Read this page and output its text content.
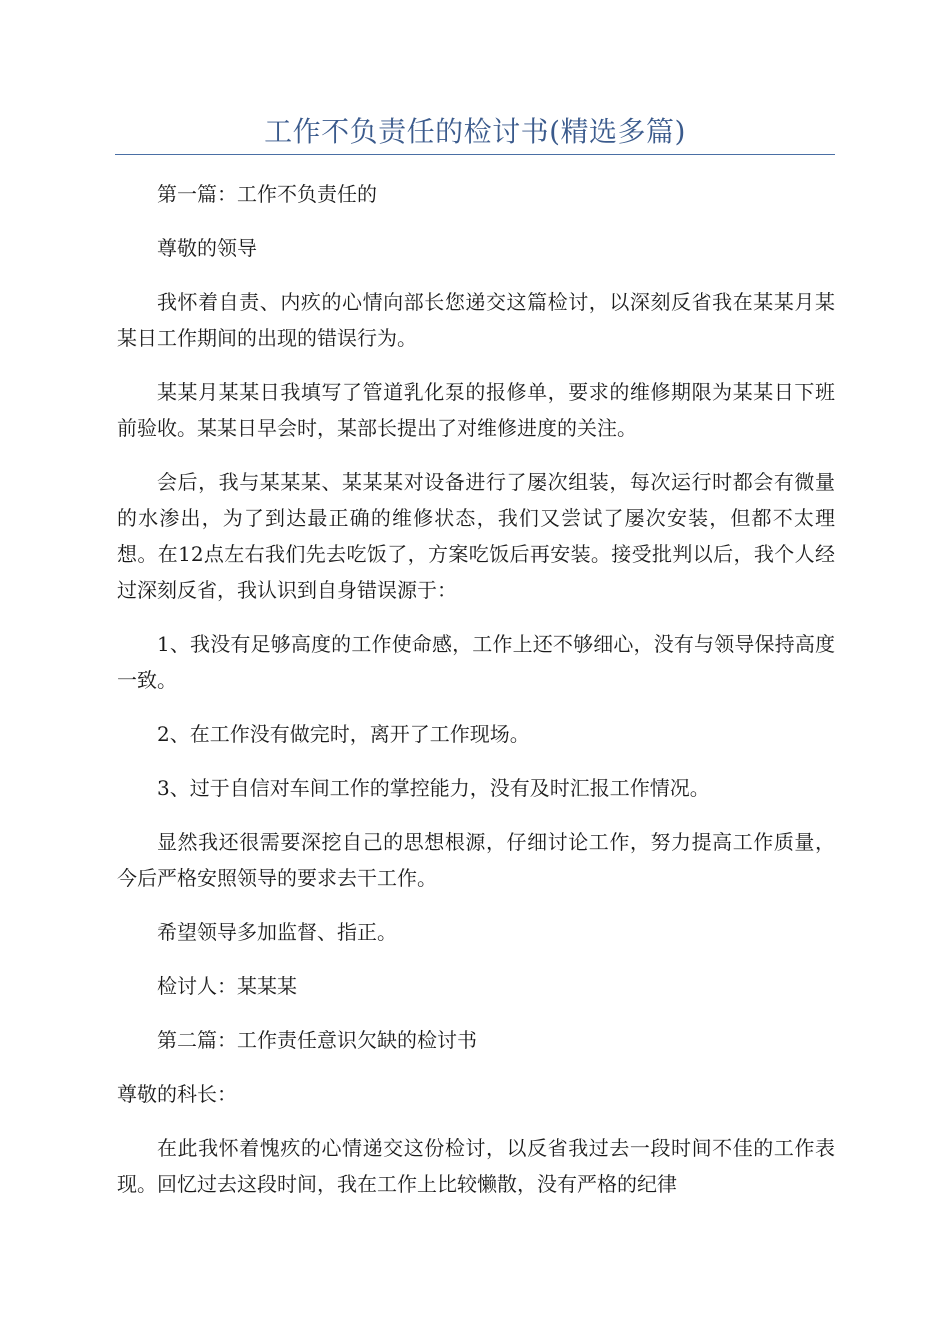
工作不负责任的检讨书(精选多篇)

第一篇：工作不负责任的

尊敬的领导

我怀着自责、内疚的心情向部长您递交这篇检讨，以深刻反省我在某某月某某日工作期间的出现的错误行为。

某某月某某日我填写了管道乳化泵的报修单，要求的维修期限为某某日下班前验收。某某日早会时，某部长提出了对维修进度的关注。

会后，我与某某某、某某某对设备进行了屡次组装，每次运行时都会有微量的水渗出，为了到达最正确的维修状态，我们又尝试了屡次安装，但都不太理想。在12点左右我们先去吃饭了，方案吃饭后再安装。接受批判以后，我个人经过深刻反省，我认识到自身错误源于：

1、我没有足够高度的工作使命感，工作上还不够细心，没有与领导保持高度一致。

2、在工作没有做完时，离开了工作现场。

3、过于自信对车间工作的掌控能力，没有及时汇报工作情况。

显然我还很需要深挖自己的思想根源，仔细讨论工作，努力提高工作质量，今后严格安照领导的要求去干工作。

希望领导多加监督、指正。

检讨人：某某某

第二篇：工作责任意识欠缺的检讨书

尊敬的科长：

在此我怀着愧疚的心情递交这份检讨，以反省我过去一段时间不佳的工作表现。回忆过去这段时间，我在工作上比较懒散，没有严格的纪律
